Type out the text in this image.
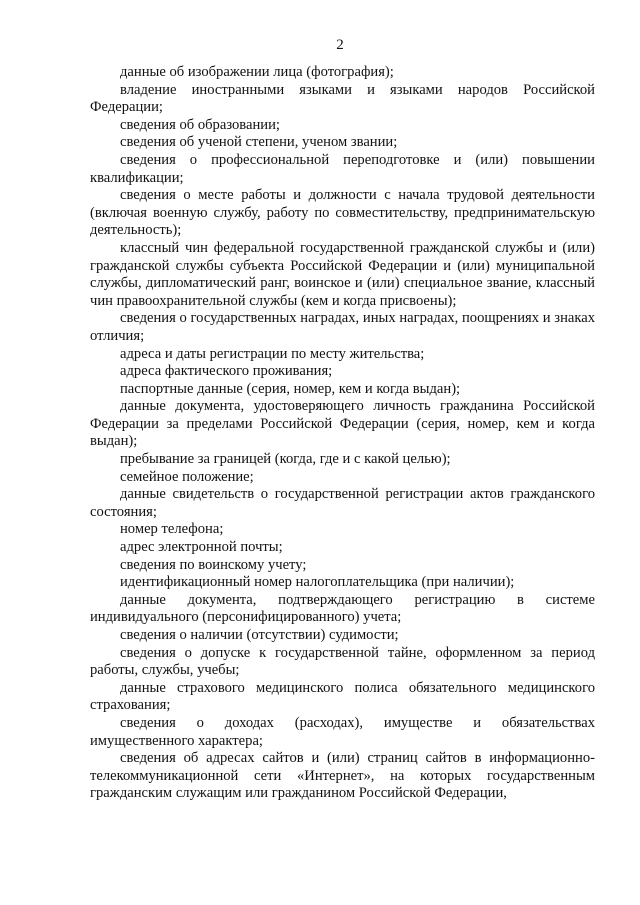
2

данные об изображении лица (фотография);

владение иностранными языками и языками народов Российской Федерации;

сведения об образовании;

сведения об ученой степени, ученом звании;

сведения о профессиональной переподготовке и (или) повышении квалификации;

сведения о месте работы и должности с начала трудовой деятельности (включая военную службу, работу по совместительству, предпринимательскую деятельность);

классный чин федеральной государственной гражданской службы и (или) гражданской службы субъекта Российской Федерации и (или) муниципальной службы, дипломатический ранг, воинское и (или) специальное звание, классный чин правоохранительной службы (кем и когда присвоены);

сведения о государственных наградах, иных наградах, поощрениях и знаках отличия;

адреса и даты регистрации по месту жительства;

адреса фактического проживания;

паспортные данные (серия, номер, кем и когда выдан);

данные документа, удостоверяющего личность гражданина Российской Федерации за пределами Российской Федерации (серия, номер, кем и когда выдан);

пребывание за границей (когда, где и с какой целью);

семейное положение;

данные свидетельств о государственной регистрации актов гражданского состояния;

номер телефона;

адрес электронной почты;

сведения по воинскому учету;

идентификационный номер налогоплательщика (при наличии);

данные документа, подтверждающего регистрацию в системе индивидуального (персонифицированного) учета;

сведения о наличии (отсутствии) судимости;

сведения о допуске к государственной тайне, оформленном за период работы, службы, учебы;

данные страхового медицинского полиса обязательного медицинского страхования;

сведения о доходах (расходах), имуществе и обязательствах имущественного характера;

сведения об адресах сайтов и (или) страниц сайтов в информационно-телекоммуникационной сети «Интернет», на которых государственным гражданским служащим или гражданином Российской Федерации,
